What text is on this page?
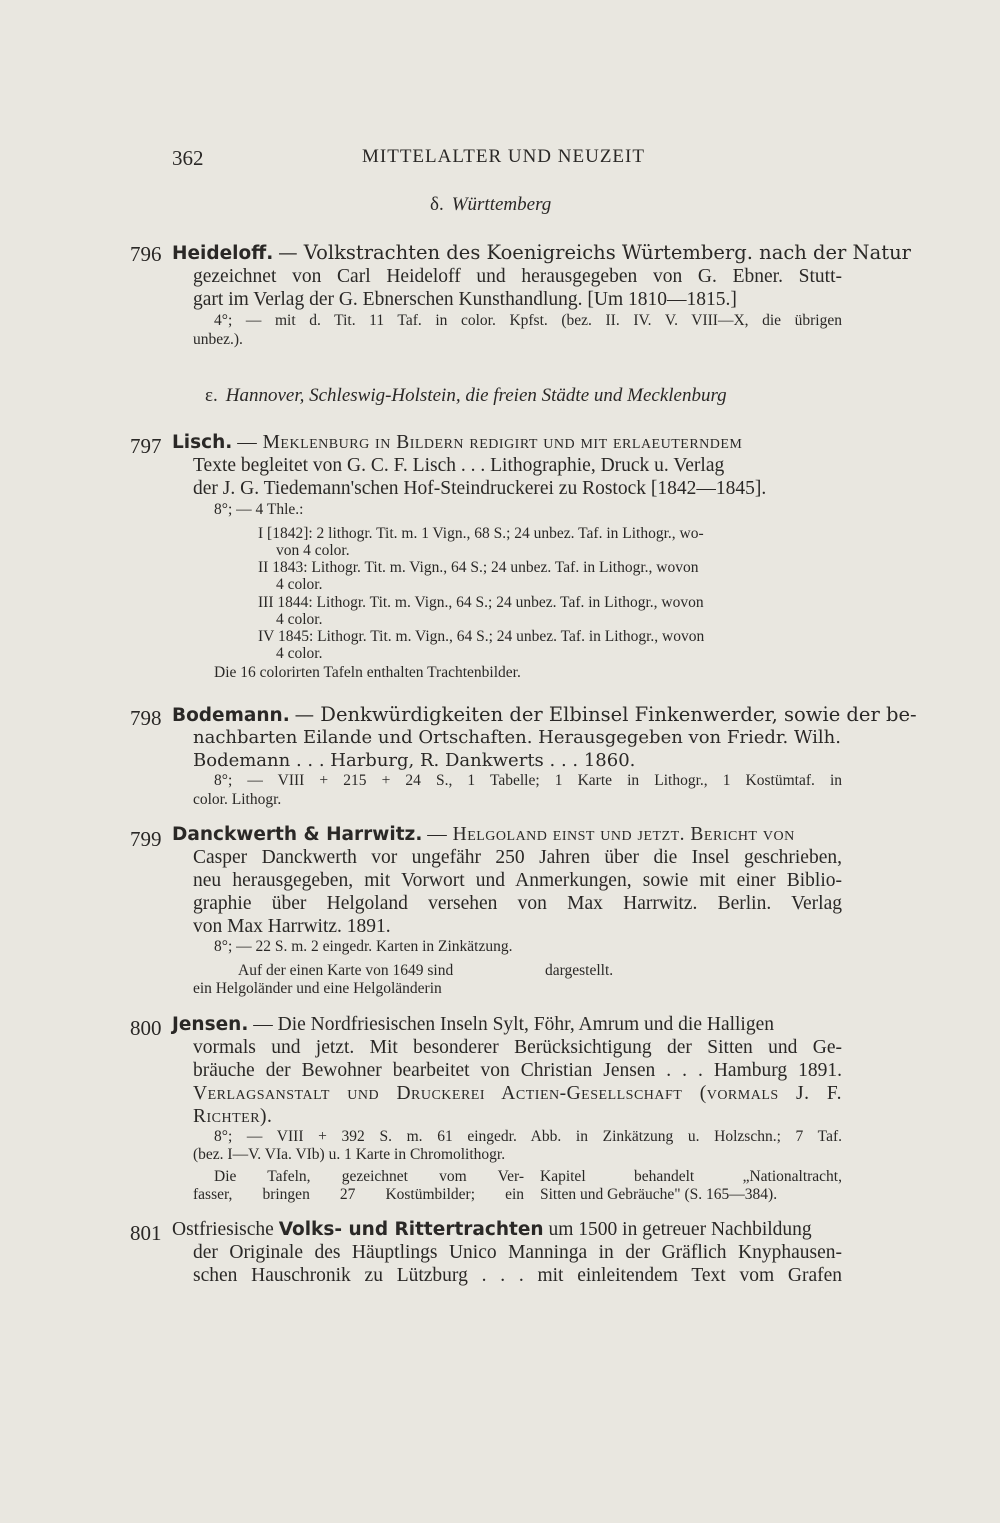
362	MITTELALTER UND NEUZEIT
δ. Württemberg
796 Heideloff. — Volkstrachten des Koenigreichs Würtemberg. nach der Natur
gezeichnet von Carl Heideloff und herausgegeben von G. Ebner. Stutt-
gart im Verlag der G. Ebnerschen Kunsthandlung. [Um 1810—1815.]
4°; — mit d. Tit. 11 Taf. in color. Kpfst. (bez. II. IV. V. VIII—X, die übrigen
unbez.).
ε. Hannover, Schleswig-Holstein, die freien Städte und Mecklenburg
797 Lisch. — Meklenburg in Bildern redigirt und mit erlaeuterndem
Texte begleitet von G. C. F. Lisch . . . Lithographie, Druck u. Verlag
der J. G. Tiedemann'schen Hof-Steindruckerei zu Rostock [1842—1845].
8°; — 4 Thle.:
I [1842]: 2 lithogr. Tit. m. 1 Vign., 68 S.; 24 unbez. Taf. in Lithogr., wo-
von 4 color.
II 1843: Lithogr. Tit. m. Vign., 64 S.; 24 unbez. Taf. in Lithogr., wovon
4 color.
III 1844: Lithogr. Tit. m. Vign., 64 S.; 24 unbez. Taf. in Lithogr., wovon
4 color.
IV 1845: Lithogr. Tit. m. Vign., 64 S.; 24 unbez. Taf. in Lithogr., wovon
4 color.
Die 16 colorirten Tafeln enthalten Trachtenbilder.
798 Bodemann. — Denkwürdigkeiten der Elbinsel Finkenwerder, sowie der be-
nachbarten Eilande und Ortschaften. Herausgegeben von Friedr. Wilh.
Bodemann . . . Harburg, R. Dankwerts . . . 1860.
8°; — VIII + 215 + 24 S., 1 Tabelle; 1 Karte in Lithogr., 1 Kostümtaf. in
color. Lithogr.
799 Danckwerth & Harrwitz. — Helgoland einst und jetzt. Bericht von
Casper Danckwerth vor ungefähr 250 Jahren über die Insel geschrieben,
neu herausgegeben, mit Vorwort und Anmerkungen, sowie mit einer Biblio-
graphie über Helgoland versehen von Max Harrwitz. Berlin. Verlag
von Max Harrwitz. 1891.
8°; — 22 S. m. 2 eingedr. Karten in Zinkätzung.
Auf der einen Karte von 1649 sind	dargestellt.
ein Helgoländer und eine Helgoländerin
800 Jensen. — Die Nordfriesischen Inseln Sylt, Föhr, Amrum und die Halligen
vormals und jetzt. Mit besonderer Berücksichtigung der Sitten und Ge-
bräuche der Bewohner bearbeitet von Christian Jensen . . . Hamburg 1891.
Verlagsanstalt und Druckerei Actien-Gesellschaft (vormals J. F.
Richter).
8°; — VIII + 392 S. m. 61 eingedr. Abb. in Zinkätzung u. Holzschn.; 7 Taf.
(bez. I—V. VIa. VIb) u. 1 Karte in Chromolithogr.
Die Tafeln, gezeichnet vom Ver-
fasser, bringen 27 Kostümbilder; ein
Kapitel behandelt „Nationaltracht,
Sitten und Gebräuche" (S. 165—384).
801 Ostfriesische Volks- und Rittertrachten um 1500 in getreuer Nachbildung
der Originale des Häuptlings Unico Manninga in der Gräflich Knyphausen-
schen Hauschronik zu Lützburg . . . mit einleitendem Text vom Grafen
